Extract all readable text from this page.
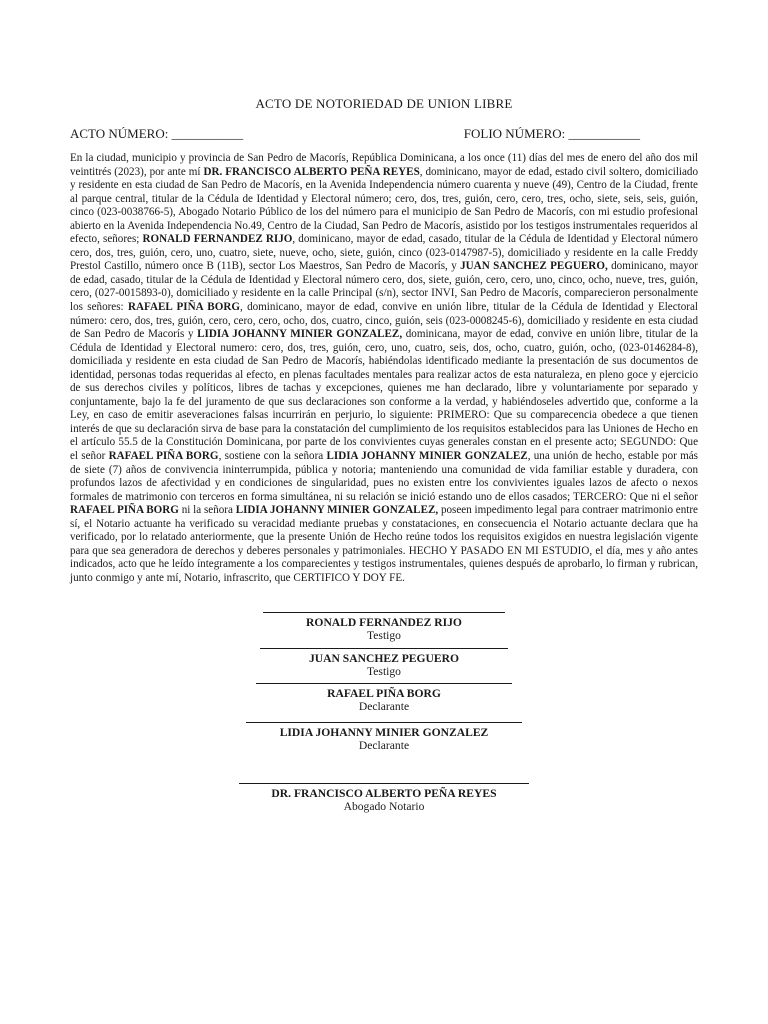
ACTO DE NOTORIEDAD DE UNION LIBRE
ACTO NÚMERO: ___________	FOLIO NÚMERO: ___________

En la ciudad, municipio y provincia de San Pedro de Macorís, República Dominicana, a los once (11) días del mes de enero del año dos mil veintitrés (2023), por ante mí DR. FRANCISCO ALBERTO PEÑA REYES, dominicano, mayor de edad, estado civil soltero, domiciliado y residente en esta ciudad de San Pedro de Macorís, en la Avenida Independencia número cuarenta y nueve (49), Centro de la Ciudad, frente al parque central, titular de la Cédula de Identidad y Electoral número; cero, dos, tres, guión, cero, cero, tres, ocho, siete, seis, seis, guión, cinco (023-0038766-5), Abogado Notario Público de los del número para el municipio de San Pedro de Macorís, con mi estudio profesional abierto en la Avenida Independencia No.49, Centro de la Ciudad, San Pedro de Macorís, asistido por los testigos instrumentales requeridos al efecto, señores; RONALD FERNANDEZ RIJO, dominicano, mayor de edad, casado, titular de la Cédula de Identidad y Electoral número cero, dos, tres, guión, cero, uno, cuatro, siete, nueve, ocho, siete, guión, cinco (023-0147987-5), domiciliado y residente en la calle Freddy Prestol Castillo, número once B (11B), sector Los Maestros, San Pedro de Macorís, y JUAN SANCHEZ PEGUERO, dominicano, mayor de edad, casado, titular de la Cédula de Identidad y Electoral número cero, dos, siete, guión, cero, cero, uno, cinco, ocho, nueve, tres, guión, cero, (027-0015893-0), domiciliado y residente en la calle Principal (s/n), sector INVI, San Pedro de Macorís, comparecieron personalmente los señores: RAFAEL PIÑA BORG, dominicano, mayor de edad, convive en unión libre, titular de la Cédula de Identidad y Electoral número: cero, dos, tres, guión, cero, cero, cero, ocho, dos, cuatro, cinco, guión, seis (023-0008245-6), domiciliado y residente en esta ciudad de San Pedro de Macorís y LIDIA JOHANNY MINIER GONZALEZ, dominicana, mayor de edad, convive en unión libre, titular de la Cédula de Identidad y Electoral numero: cero, dos, tres, guión, cero, uno, cuatro, seis, dos, ocho, cuatro, guión, ocho, (023-0146284-8), domiciliada y residente en esta ciudad de San Pedro de Macorís, habiéndolas identificado mediante la presentación de sus documentos de identidad, personas todas requeridas al efecto, en plenas facultades mentales para realizar actos de esta naturaleza, en pleno goce y ejercicio de sus derechos civiles y políticos, libres de tachas y excepciones, quienes me han declarado, libre y voluntariamente por separado y conjuntamente, bajo la fe del juramento de que sus declaraciones son conforme a la verdad, y habiéndoseles advertido que, conforme a la Ley, en caso de emitir aseveraciones falsas incurrirán en perjurio, lo siguiente: PRIMERO: Que su comparecencia obedece a que tienen interés de que su declaración sirva de base para la constatación del cumplimiento de los requisitos establecidos para las Uniones de Hecho en el artículo 55.5 de la Constitución Dominicana, por parte de los convivientes cuyas generales constan en el presente acto; SEGUNDO: Que el señor RAFAEL PIÑA BORG, sostiene con la señora LIDIA JOHANNY MINIER GONZALEZ, una unión de hecho, estable por más de siete (7) años de convivencia ininterrumpida, pública y notoria; manteniendo una comunidad de vida familiar estable y duradera, con profundos lazos de afectividad y en condiciones de singularidad, pues no existen entre los convivientes iguales lazos de afecto o nexos formales de matrimonio con terceros en forma simultánea, ni su relación se inició estando uno de ellos casados; TERCERO: Que ni el señor RAFAEL PIÑA BORG ni la señora LIDIA JOHANNY MINIER GONZALEZ, poseen impedimento legal para contraer matrimonio entre sí, el Notario actuante ha verificado su veracidad mediante pruebas y constataciones, en consecuencia el Notario actuante declara que ha verificado, por lo relatado anteriormente, que la presente Unión de Hecho reúne todos los requisitos exigidos en nuestra legislación vigente para que sea generadora de derechos y deberes personales y patrimoniales. HECHO Y PASADO EN MI ESTUDIO, el día, mes y año antes indicados, acto que he leído íntegramente a los comparecientes y testigos instrumentales, quienes después de aprobarlo, lo firman y rubrican, junto conmigo y ante mí, Notario, infrascrito, que CERTIFICO Y DOY FE.

RONALD FERNANDEZ RIJO
Testigo
JUAN SANCHEZ PEGUERO
Testigo
RAFAEL PIÑA BORG
Declarante
LIDIA JOHANNY MINIER GONZALEZ
Declarante
DR. FRANCISCO ALBERTO PEÑA REYES
Abogado Notario
